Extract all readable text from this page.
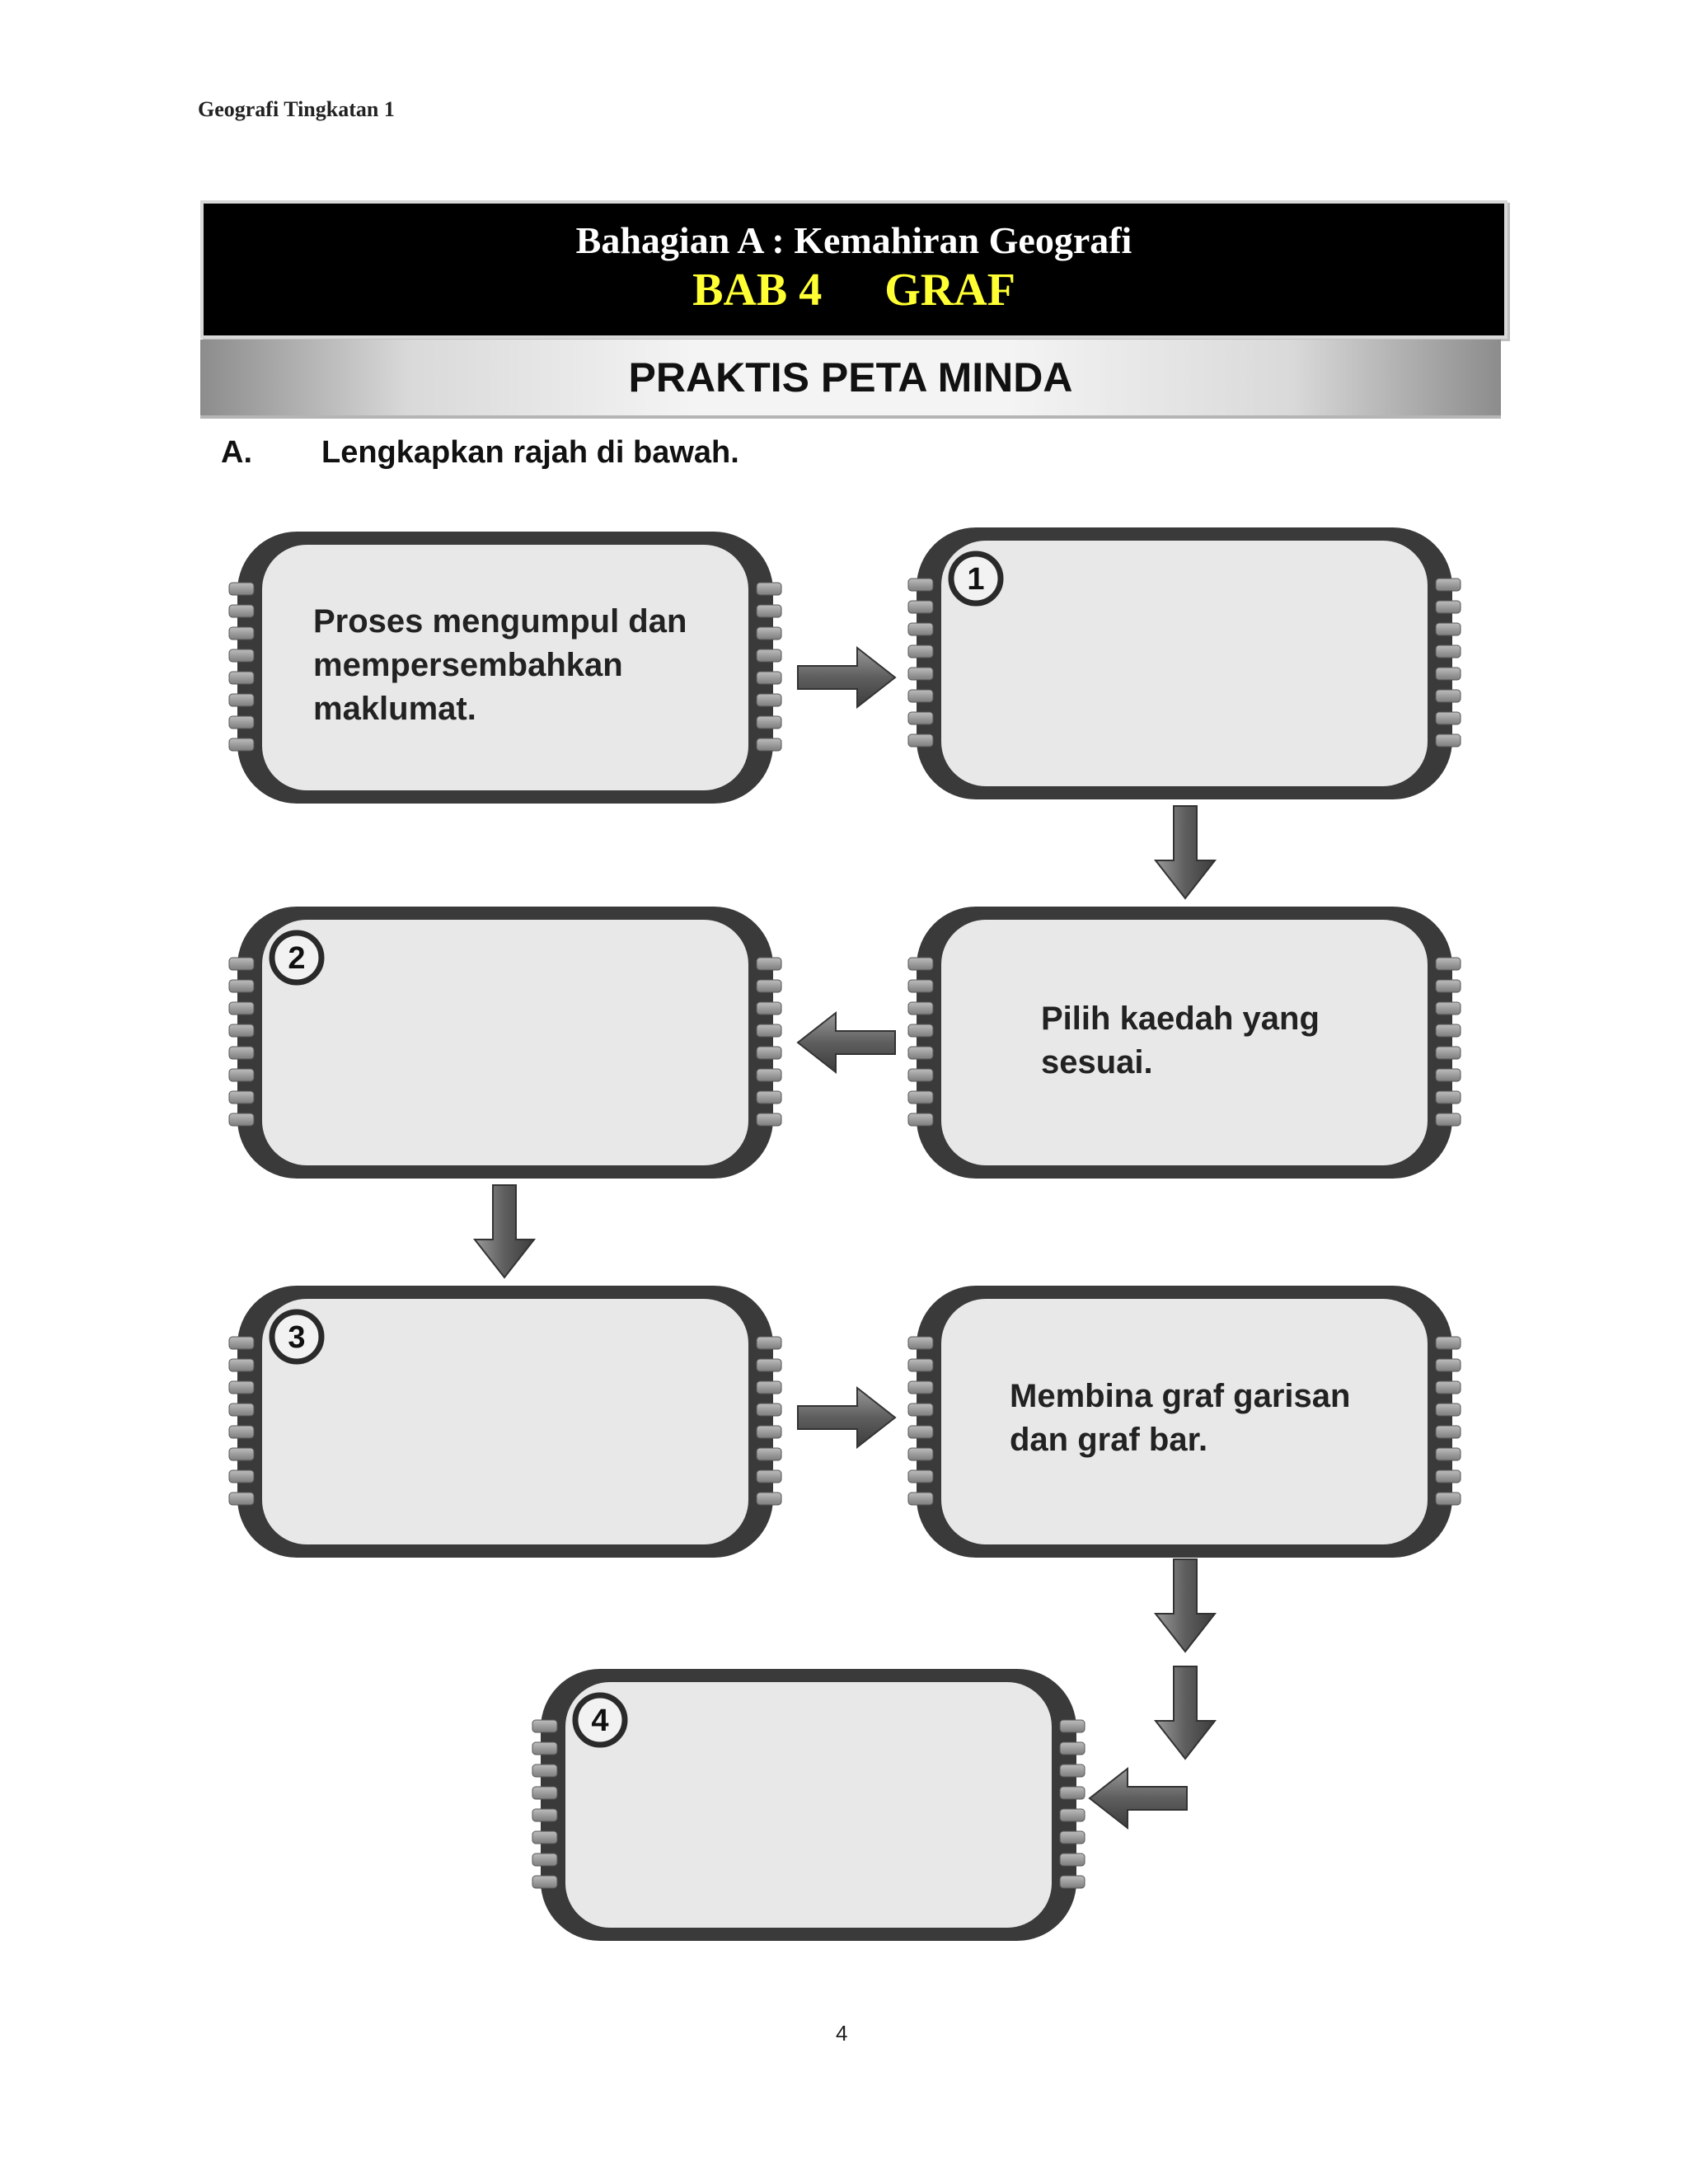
Geografi Tingkatan 1
Bahagian A : Kemahiran Geografi
BAB 4 GRAF
PRAKTIS PETA MINDA
A. Lengkapkan rajah di bawah.
1
2
3
4
Proses mengumpul dan
mempersembahkan
maklumat.
Pilih kaedah yang
sesuai.
Membina graf garisan
dan graf bar.
4
